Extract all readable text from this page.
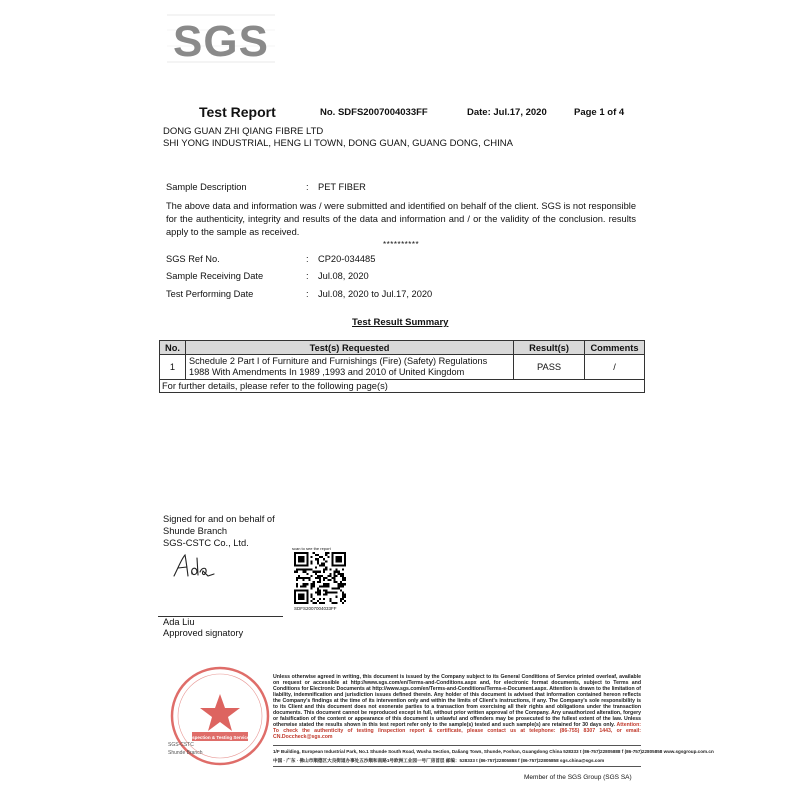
SGS
Test Report	No. SDFS2007004033FF	Date: Jul.17, 2020	Page 1 of 4
DONG GUAN ZHI QIANG FIBRE LTD
SHI YONG INDUSTRIAL, HENG LI TOWN, DONG GUAN, GUANG DONG, CHINA
Sample Description	: PET FIBER
The above data and information was / were submitted and identified on behalf of the client. SGS is not responsible for the authenticity, integrity and results of the data and information and / or the validity of the conclusion. results apply to the sample as received.
**********
SGS Ref No.	: CP20-034485
Sample Receiving Date	: Jul.08, 2020
Test Performing Date	: Jul.08, 2020 to Jul.17, 2020
Test Result Summary
No.	Test(s) Requested	Result(s)	Comments
1	Schedule 2 Part I of Furniture and Furnishings (Fire) (Safety) Regulations
1988 With Amendments In 1989 ,1993 and 2010 of United Kingdom	PASS	/
For further details, please refer to the following page(s)			
Signed for and on behalf of
Shunde Branch
SGS-CSTC Co., Ltd.
scan to see the report
SDFS2007004033FF
Ada Liu
Approved signatory
Inspection & Testing Services
SGS-CSTC
Shunde Branch
Unless otherwise agreed in writing, this document is issued by the Company subject to its General Conditions of Service printed overleaf, available on request or accessible at http://www.sgs.com/en/Terms-and-Conditions.aspx and, for electronic format documents, subject to Terms and Conditions for Electronic Documents at http://www.sgs.com/en/Terms-and-Conditions/Terms-e-Document.aspx. Attention is drawn to the limitation of liability, indemnification and jurisdiction issues defined therein. Any holder of this document is advised that information contained hereon reflects the Company's findings at the time of its intervention only and within the limits of Client's instructions, if any. The Company's sole responsibility is to its Client and this document does not exonerate parties to a transaction from exercising all their rights and obligations under the transaction documents. This document cannot be reproduced except in full, without prior written approval of the Company. Any unauthorized alteration, forgery or falsification of the content or appearance of this document is unlawful and offenders may be prosecuted to the fullest extent of the law. Unless otherwise stated the results shown in this test report refer only to the sample(s) tested and such sample(s) are retained for 30 days only. Attention: To check the authenticity of testing /inspection report & certificate, please contact us at telephone: (86-755) 8307 1443, or email: CN.Doccheck@sgs.com
1/F Building, European Industrial Park, No.1 Shunde South Road, Wusha Section, Daliang Town, Shunde, Foshan, Guangdong China 528333 t (86-757)22805888 f (86-757)22805858 www.sgsgroup.com.cn
中国 · 广东 · 佛山市顺德区大良街道办事处五沙顺和南路1号欧洲工业园一号厂房首层 邮编：528333 t (86-757)22805888 f (86-757)22805858 sgs.china@sgs.com
Member of the SGS Group (SGS SA)
